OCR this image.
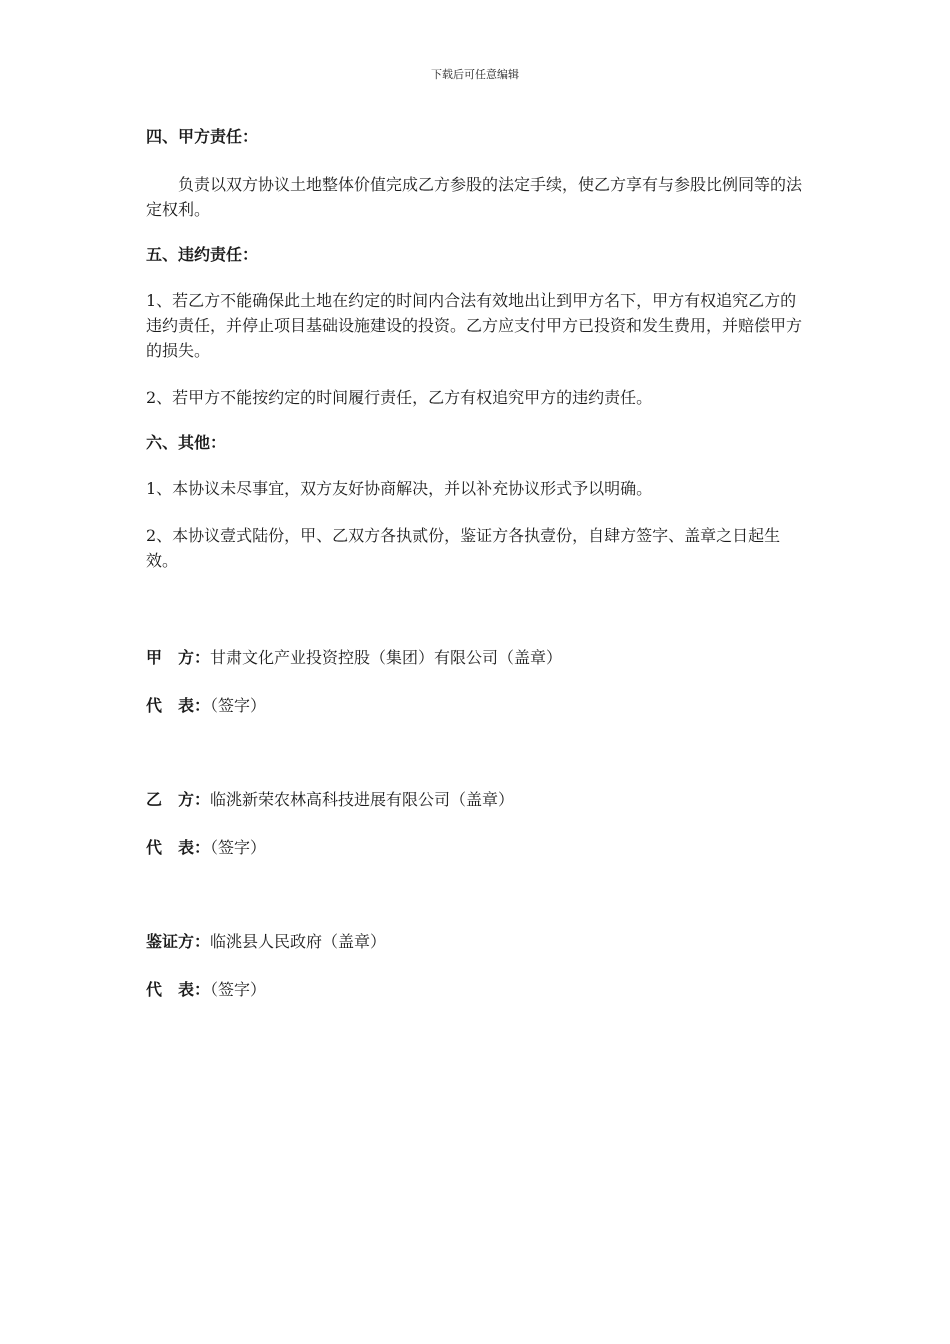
下载后可任意编辑

四、甲方责任：

负责以双方协议土地整体价值完成乙方参股的法定手续，使乙方享有与参股比例同等的法定权利。

五、违约责任：

1、若乙方不能确保此土地在约定的时间内合法有效地出让到甲方名下，甲方有权追究乙方的违约责任，并停止项目基础设施建设的投资。乙方应支付甲方已投资和发生费用，并赔偿甲方的损失。

2、若甲方不能按约定的时间履行责任，乙方有权追究甲方的违约责任。

六、其他：

1、本协议未尽事宜，双方友好协商解决，并以补充协议形式予以明确。

2、本协议壹式陆份，甲、乙双方各执贰份，鉴证方各执壹份，自肆方签字、盖章之日起生效。

甲　方：甘肃文化产业投资控股（集团）有限公司（盖章）

代　表：（签字）

乙　方：临洮新荣农林高科技进展有限公司（盖章）

代　表：（签字）

鉴证方：临洮县人民政府（盖章）

代　表：（签字）
